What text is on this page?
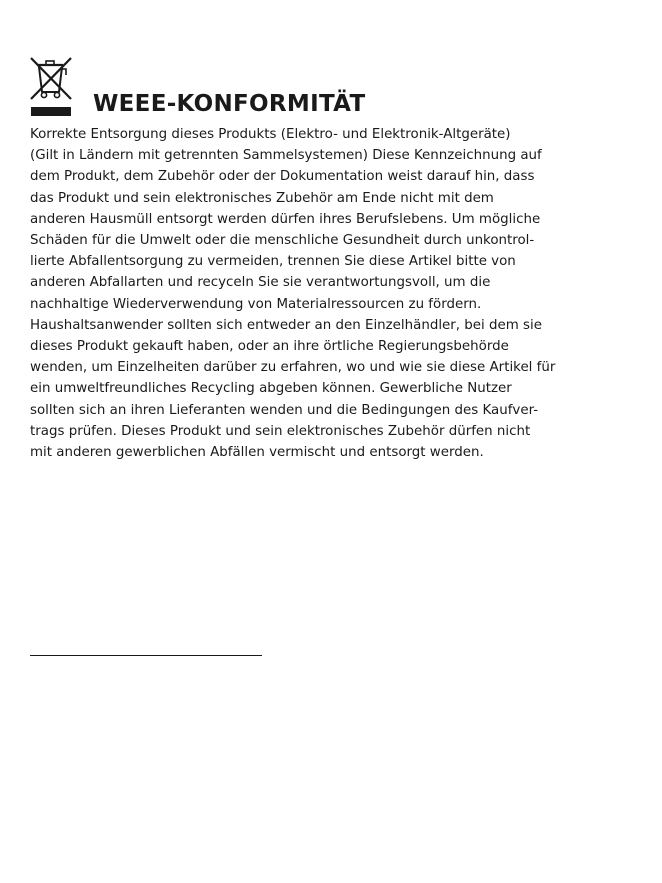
WEEE-KONFORMITÄT

Korrekte Entsorgung dieses Produkts (Elektro- und Elektronik-Altgeräte)
(Gilt in Ländern mit getrennten Sammelsystemen) Diese Kennzeichnung auf
dem Produkt, dem Zubehör oder der Dokumentation weist darauf hin, dass
das Produkt und sein elektronisches Zubehör am Ende nicht mit dem
anderen Hausmüll entsorgt werden dürfen ihres Berufslebens. Um mögliche
Schäden für die Umwelt oder die menschliche Gesundheit durch unkontrol-
lierte Abfallentsorgung zu vermeiden, trennen Sie diese Artikel bitte von
anderen Abfallarten und recyceln Sie sie verantwortungsvoll, um die
nachhaltige Wiederverwendung von Materialressourcen zu fördern.
Haushaltsanwender sollten sich entweder an den Einzelhändler, bei dem sie
dieses Produkt gekauft haben, oder an ihre örtliche Regierungsbehörde
wenden, um Einzelheiten darüber zu erfahren, wo und wie sie diese Artikel für
ein umweltfreundliches Recycling abgeben können. Gewerbliche Nutzer
sollten sich an ihren Lieferanten wenden und die Bedingungen des Kaufver-
trags prüfen. Dieses Produkt und sein elektronisches Zubehör dürfen nicht
mit anderen gewerblichen Abfällen vermischt und entsorgt werden.
